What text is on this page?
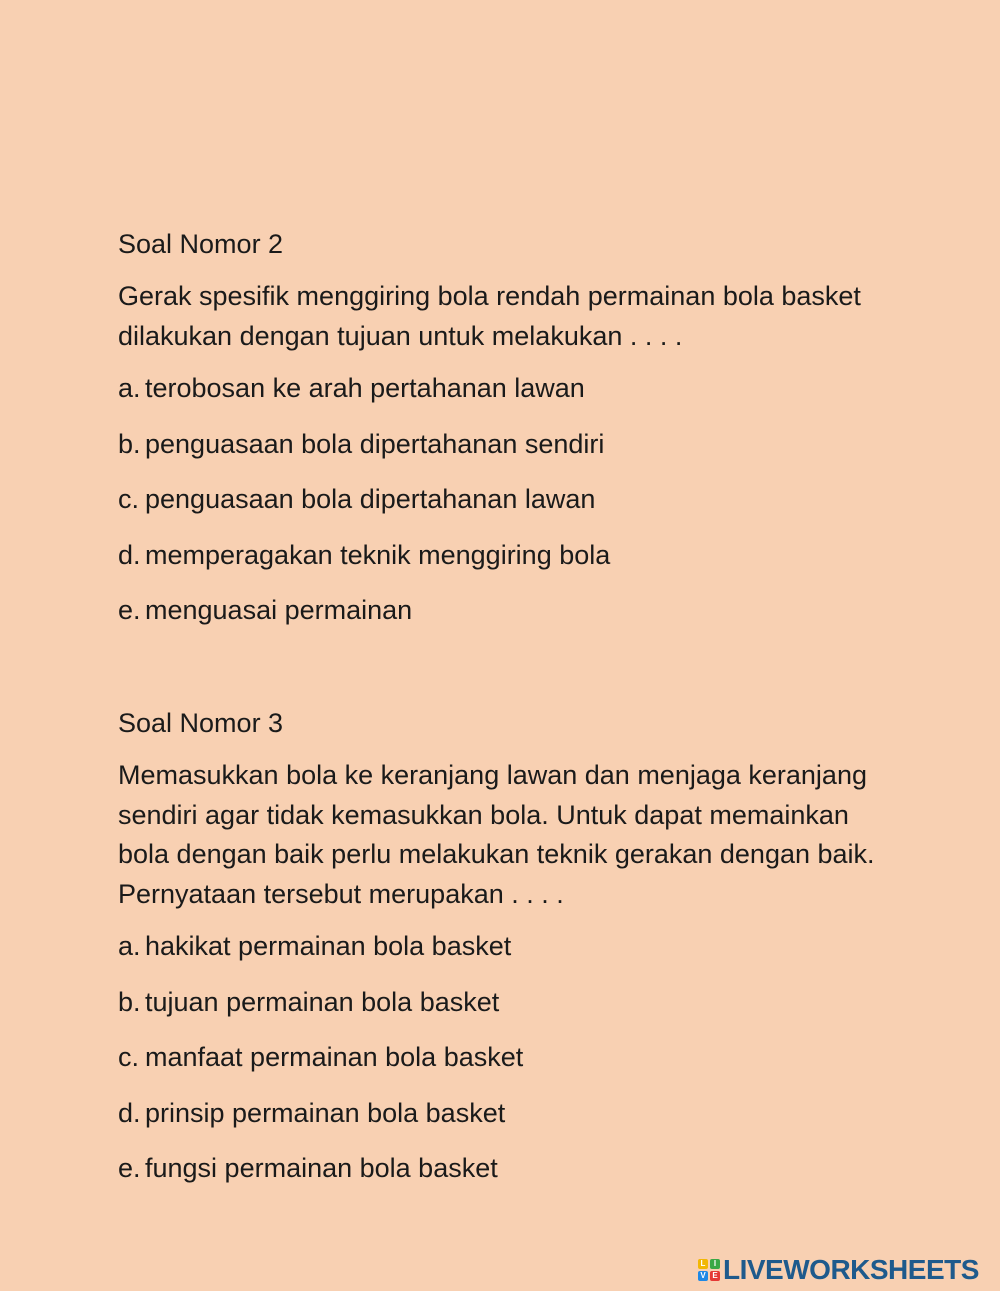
Soal Nomor 2

Gerak spesifik menggiring bola rendah permainan bola basket dilakukan dengan tujuan untuk melakukan . . . .

a. terobosan ke arah pertahanan lawan
b. penguasaan bola dipertahanan sendiri
c. penguasaan bola dipertahanan lawan
d. memperagakan teknik menggiring bola
e. menguasai permainan

Soal Nomor 3

Memasukkan bola ke keranjang lawan dan menjaga keranjang sendiri agar tidak kemasukkan bola. Untuk dapat memainkan bola dengan baik perlu melakukan teknik gerakan dengan baik. Pernyataan tersebut merupakan . . . .

a. hakikat permainan bola basket
b. tujuan permainan bola basket
c. manfaat permainan bola basket
d. prinsip permainan bola basket
e. fungsi permainan bola basket
L	I
V E LIVEWORKSHEETS
